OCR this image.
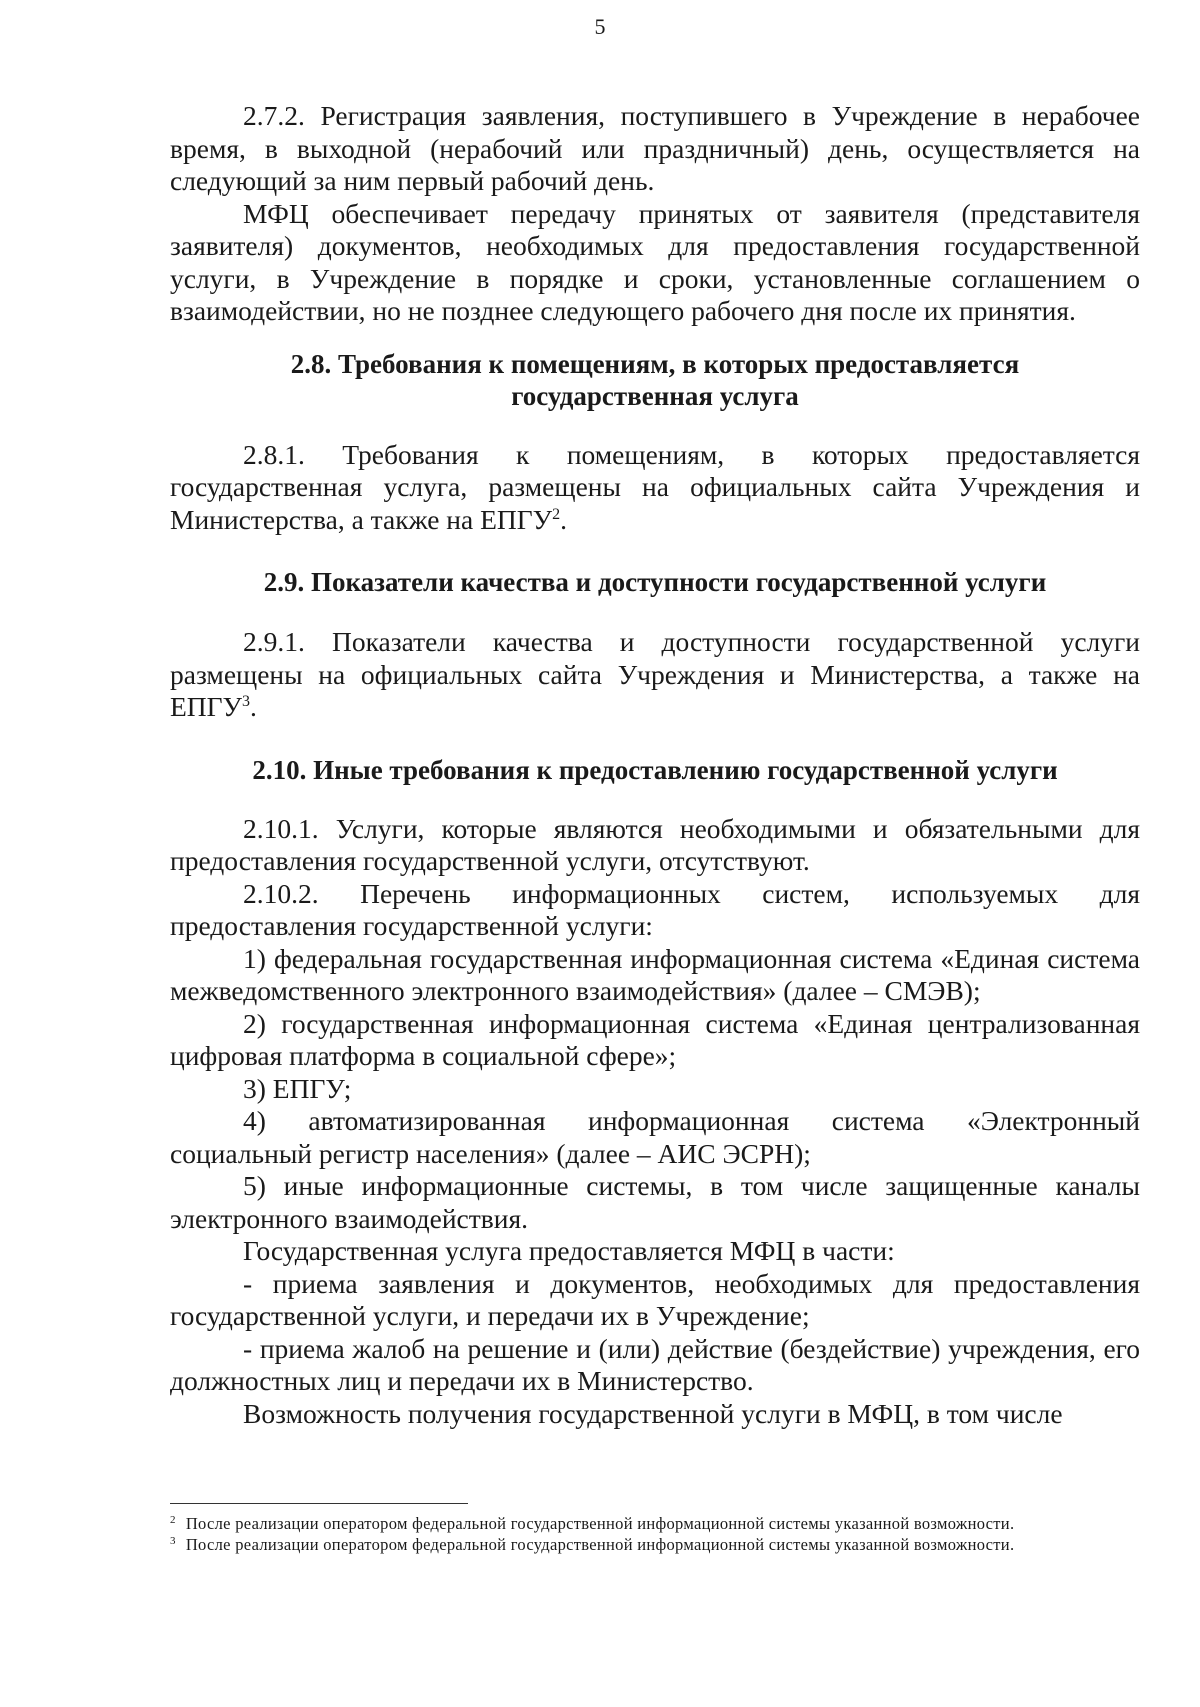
5

2.7.2. Регистрация заявления, поступившего в Учреждение в нерабочее время, в выходной (нерабочий или праздничный) день, осуществляется на следующий за ним первый рабочий день.

МФЦ обеспечивает передачу принятых от заявителя (представителя заявителя) документов, необходимых для предоставления государственной услуги, в Учреждение в порядке и сроки, установленные соглашением о взаимодействии, но не позднее следующего рабочего дня после их принятия.

2.8. Требования к помещениям, в которых предоставляется
государственная услуга

2.8.1. Требования к помещениям, в которых предоставляется государственная услуга, размещены на официальных сайта Учреждения и Министерства, а также на ЕПГУ$^2$.

2.9. Показатели качества и доступности государственной услуги

2.9.1. Показатели качества и доступности государственной услуги размещены на официальных сайта Учреждения и Министерства, а также на ЕПГУ$^3$.

2.10. Иные требования к предоставлению государственной услуги

2.10.1. Услуги, которые являются необходимыми и обязательными для предоставления государственной услуги, отсутствуют.

2.10.2. Перечень информационных систем, используемых для предоставления государственной услуги:

1) федеральная государственная информационная система «Единая система межведомственного электронного взаимодействия» (далее – СМЭВ);

2) государственная информационная система «Единая централизованная цифровая платформа в социальной сфере»;

3) ЕПГУ;

4) автоматизированная информационная система «Электронный социальный регистр населения» (далее – АИС ЭСРН);

5) иные информационные системы, в том числе защищенные каналы электронного взаимодействия.

Государственная услуга предоставляется МФЦ в части:

- приема заявления и документов, необходимых для предоставления государственной услуги, и передачи их в Учреждение;

- приема жалоб на решение и (или) действие (бездействие) учреждения, его должностных лиц и передачи их в Министерство.

Возможность получения государственной услуги в МФЦ, в том числе

$^2$ После реализации оператором федеральной государственной информационной системы указанной возможности.

$^3$ После реализации оператором федеральной государственной информационной системы указанной возможности.
